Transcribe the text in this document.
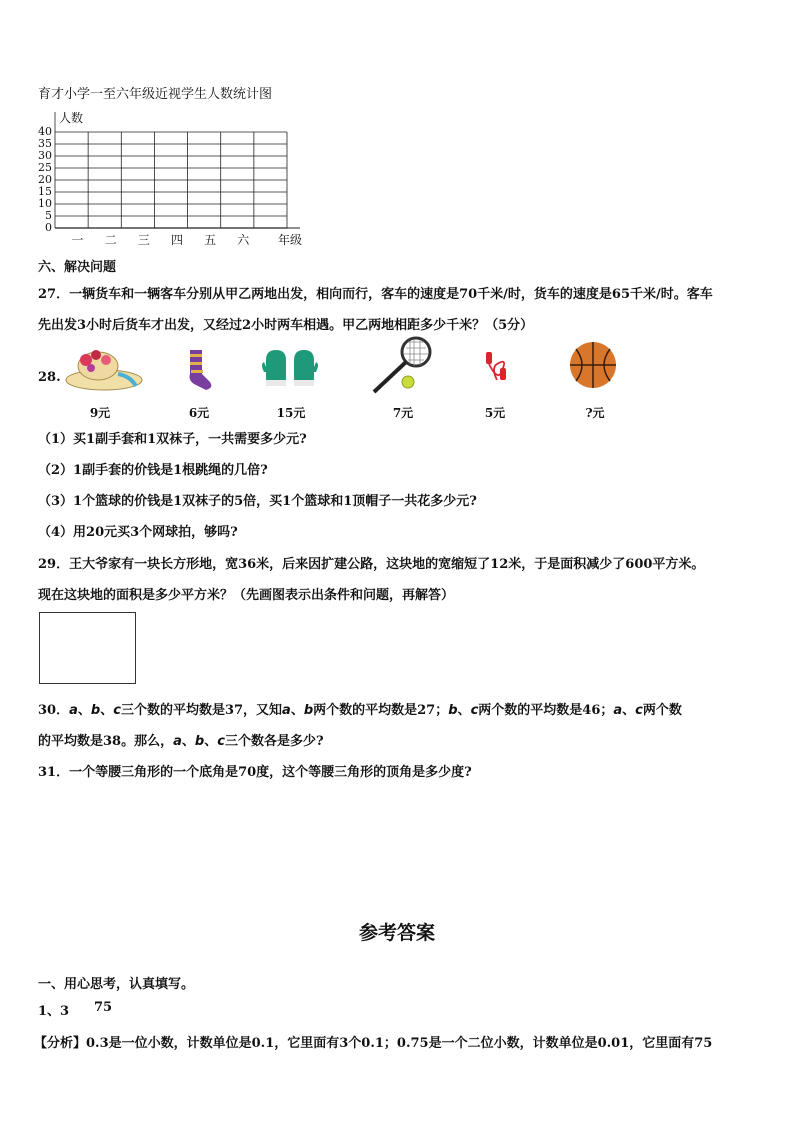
育才小学一至六年级近视学生人数统计图
人数
40
35
30
25
20
15
10
5
0
一	二	三	四	五	六	年级
六、解决问题
27．一辆货车和一辆客车分别从甲乙两地出发，相向而行，客车的速度是70千米/时，货车的速度是65千米/时。客车
先出发3小时后货车才出发，又经过2小时两车相遇。甲乙两地相距多少千米？（5分）
28.
9元	6元	15元	7元	5元	?元
（1）买1副手套和1双袜子，一共需要多少元?
（2）1副手套的价钱是1根跳绳的几倍?
（3）1个篮球的价钱是1双袜子的5倍，买1个篮球和1顶帽子一共花多少元?
（4）用20元买3个网球拍，够吗?
29．王大爷家有一块长方形地，宽36米，后来因扩建公路，这块地的宽缩短了12米，于是面积减少了600平方米。
现在这块地的面积是多少平方米？（先画图表示出条件和问题，再解答）
30．a、b、c三个数的平均数是37，又知a、b两个数的平均数是27；b、c两个数的平均数是46；a、c两个数
的平均数是38。那么，a、b、c三个数各是多少?
31．一个等腰三角形的一个底角是70度，这个等腰三角形的顶角是多少度?
参考答案
一、用心思考，认真填写。
1、3 75
【分析】0.3是一位小数，计数单位是0.1，它里面有3个0.1；0.75是一个二位小数，计数单位是0.01，它里面有75
